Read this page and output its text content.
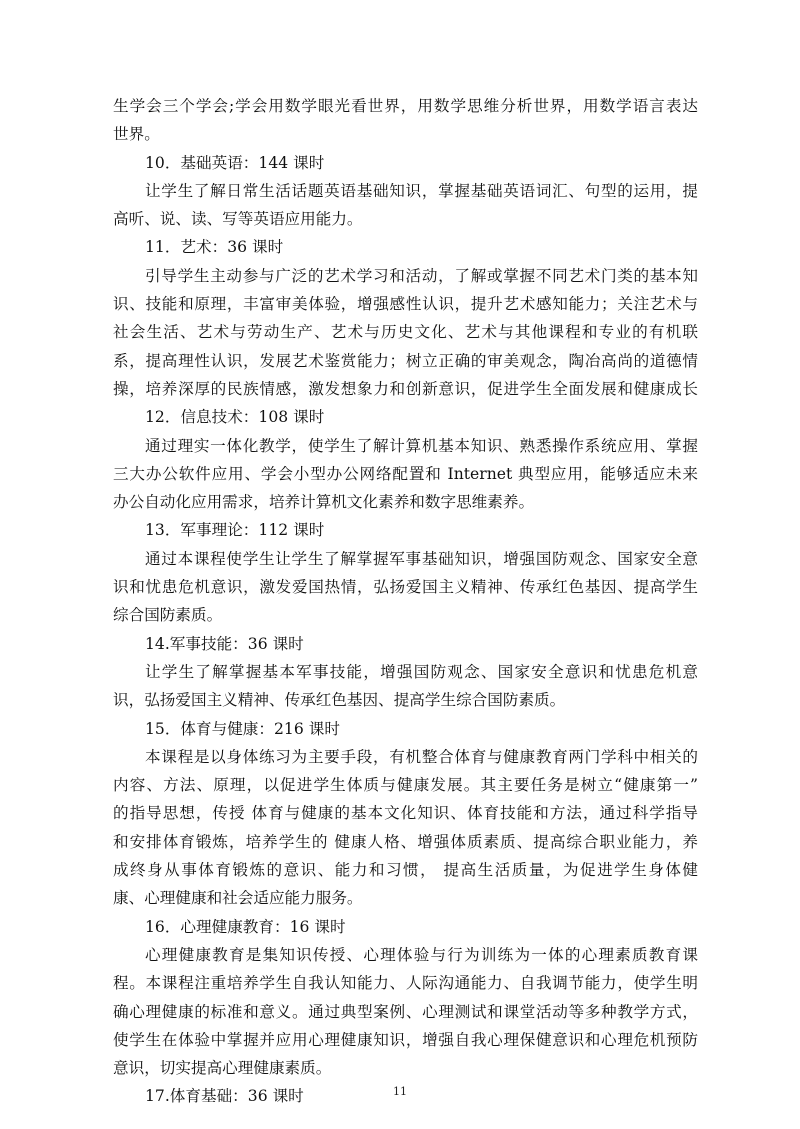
生学会三个学会;学会用数学眼光看世界，用数学思维分析世界，用数学语言表达
世界。
10．基础英语：144 课时
让学生了解日常生活话题英语基础知识，掌握基础英语词汇、句型的运用，提
高听、说、读、写等英语应用能力。
11．艺术：36 课时
引导学生主动参与广泛的艺术学习和活动，了解或掌握不同艺术门类的基本知
识、技能和原理，丰富审美体验，增强感性认识，提升艺术感知能力；关注艺术与
社会生活、艺术与劳动生产、艺术与历史文化、艺术与其他课程和专业的有机联
系，提高理性认识，发展艺术鉴赏能力；树立正确的审美观念，陶冶高尚的道德情
操，培养深厚的民族情感，激发想象力和创新意识，促进学生全面发展和健康成长
12．信息技术：108 课时
通过理实一体化教学，使学生了解计算机基本知识、熟悉操作系统应用、掌握
三大办公软件应用、学会小型办公网络配置和 Internet 典型应用，能够适应未来
办公自动化应用需求，培养计算机文化素养和数字思维素养。
13．军事理论：112 课时
通过本课程使学生让学生了解掌握军事基础知识，增强国防观念、国家安全意
识和忧患危机意识，激发爱国热情，弘扬爱国主义精神、传承红色基因、提高学生
综合国防素质。
14.军事技能：36 课时
让学生了解掌握基本军事技能，增强国防观念、国家安全意识和忧患危机意
识，弘扬爱国主义精神、传承红色基因、提高学生综合国防素质。
15．体育与健康：216 课时
本课程是以身体练习为主要手段，有机整合体育与健康教育两门学科中相关的
内容、方法、原理，以促进学生体质与健康发展。其主要任务是树立“健康第一”
的指导思想，传授 体育与健康的基本文化知识、体育技能和方法，通过科学指导
和安排体育锻炼，培养学生的 健康人格、增强体质素质、提高综合职业能力，养
成终身从事体育锻炼的意识、能力和习惯， 提高生活质量，为促进学生身体健
康、心理健康和社会适应能力服务。
16．心理健康教育：16 课时
心理健康教育是集知识传授、心理体验与行为训练为一体的心理素质教育课
程。本课程注重培养学生自我认知能力、人际沟通能力、自我调节能力，使学生明
确心理健康的标准和意义。通过典型案例、心理测试和课堂活动等多种教学方式，
使学生在体验中掌握并应用心理健康知识，增强自我心理保健意识和心理危机预防
意识，切实提高心理健康素质。
17.体育基础：36 课时	11
